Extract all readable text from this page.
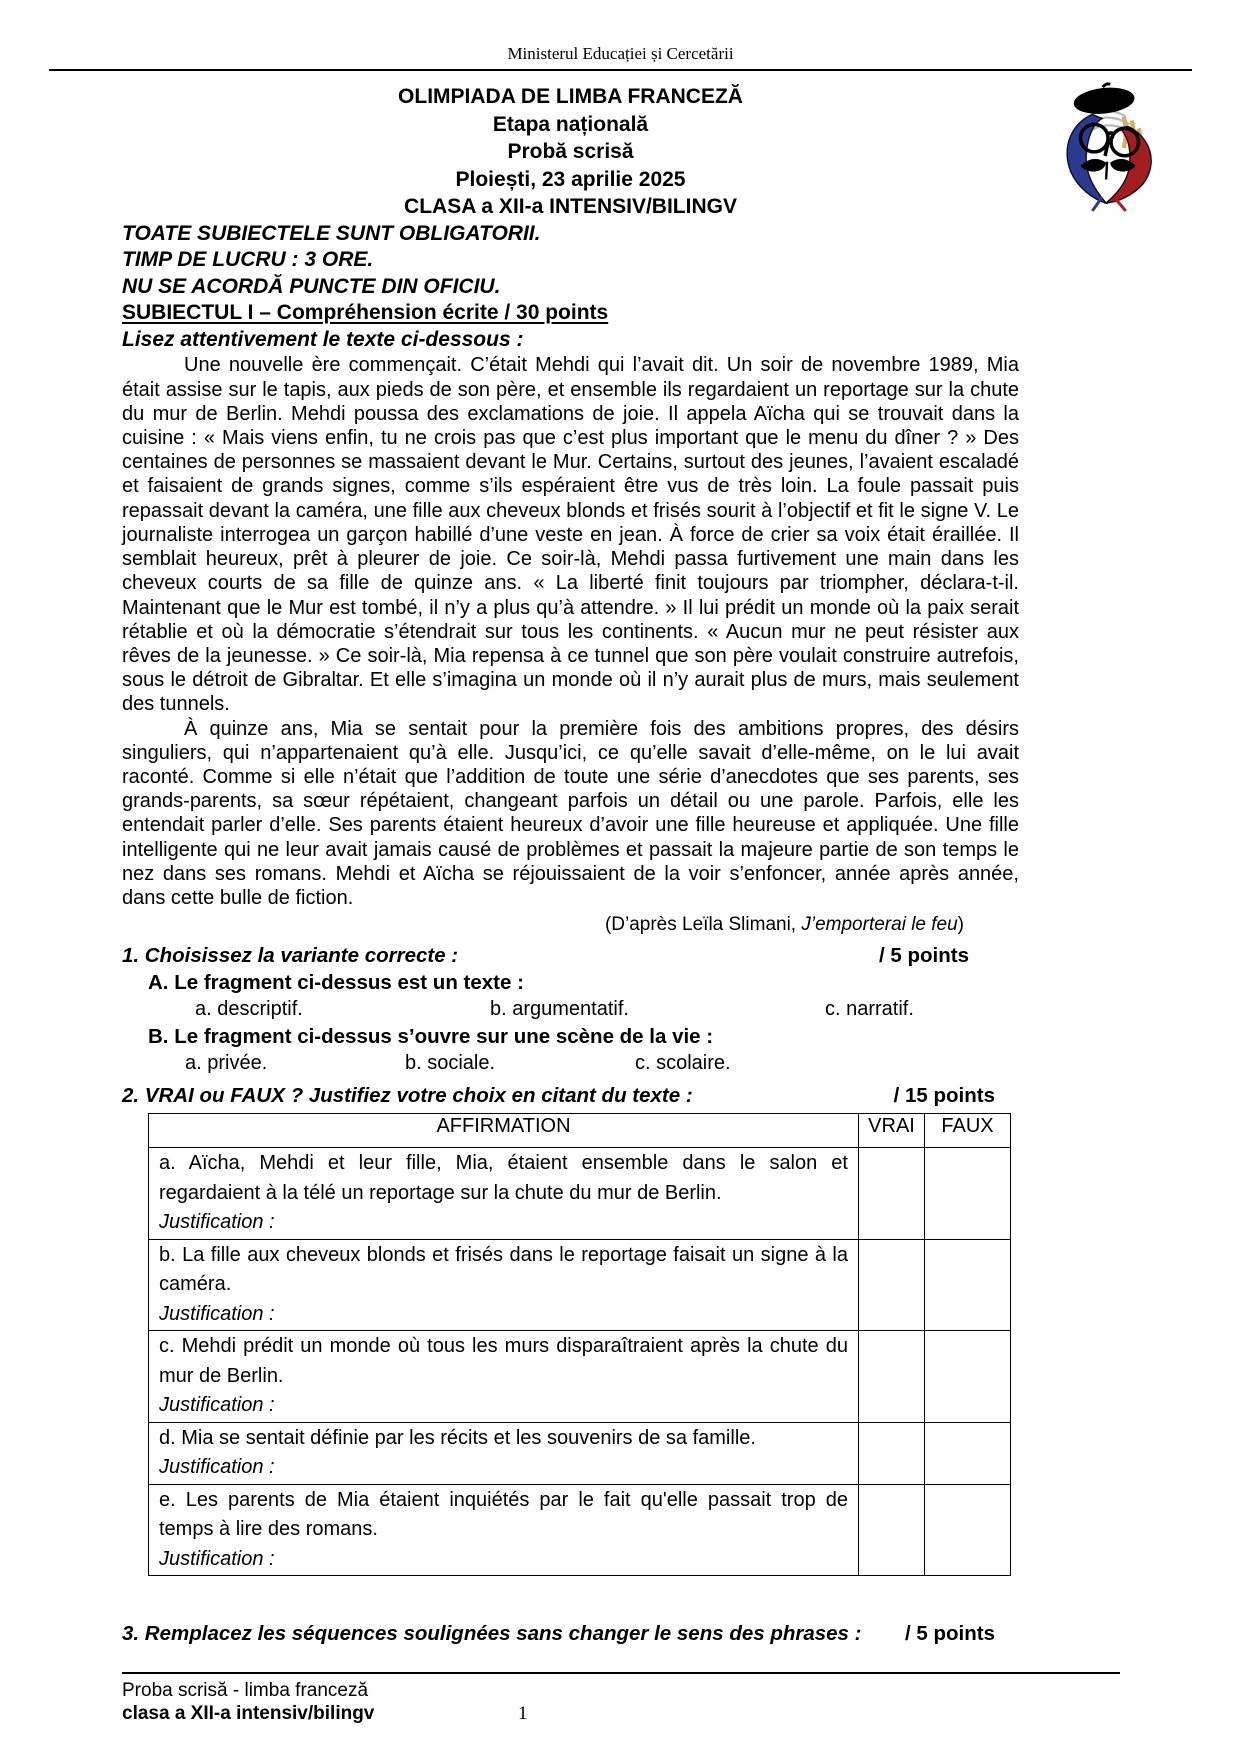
Ministerul Educației și Cercetării
OLIMPIADA DE LIMBA FRANCEZĂ
Etapa națională
Probă scrisă
Ploiești, 23 aprilie 2025
CLASA a XII-a INTENSIV/BILINGV
TOATE SUBIECTELE SUNT OBLIGATORII.
TIMP DE LUCRU : 3 ORE.
NU SE ACORDĂ PUNCTE DIN OFICIU.
SUBIECTUL I – Compréhension écrite / 30 points
Lisez attentivement le texte ci-dessous :

Une nouvelle ère commençait. C’était Mehdi qui l’avait dit. Un soir de novembre 1989, Mia était assise sur le tapis, aux pieds de son père, et ensemble ils regardaient un reportage sur la chute du mur de Berlin. Mehdi poussa des exclamations de joie. Il appela Aïcha qui se trouvait dans la cuisine : « Mais viens enfin, tu ne crois pas que c’est plus important que le menu du dîner ? » Des centaines de personnes se massaient devant le Mur. Certains, surtout des jeunes, l’avaient escaladé et faisaient de grands signes, comme s’ils espéraient être vus de très loin. La foule passait puis repassait devant la caméra, une fille aux cheveux blonds et frisés sourit à l’objectif et fit le signe V. Le journaliste interrogea un garçon habillé d’une veste en jean. À force de crier sa voix était éraillée. Il semblait heureux, prêt à pleurer de joie. Ce soir-là, Mehdi passa furtivement une main dans les cheveux courts de sa fille de quinze ans. « La liberté finit toujours par triompher, déclara-t-il. Maintenant que le Mur est tombé, il n’y a plus qu’à attendre. » Il lui prédit un monde où la paix serait rétablie et où la démocratie s’étendrait sur tous les continents. « Aucun mur ne peut résister aux rêves de la jeunesse. » Ce soir-là, Mia repensa à ce tunnel que son père voulait construire autrefois, sous le détroit de Gibraltar. Et elle s’imagina un monde où il n’y aurait plus de murs, mais seulement des tunnels.

À quinze ans, Mia se sentait pour la première fois des ambitions propres, des désirs singuliers, qui n’appartenaient qu’à elle. Jusqu’ici, ce qu’elle savait d’elle-même, on le lui avait raconté. Comme si elle n’était que l’addition de toute une série d’anecdotes que ses parents, ses grands-parents, sa sœur répétaient, changeant parfois un détail ou une parole. Parfois, elle les entendait parler d’elle. Ses parents étaient heureux d’avoir une fille heureuse et appliquée. Une fille intelligente qui ne leur avait jamais causé de problèmes et passait la majeure partie de son temps le nez dans ses romans. Mehdi et Aïcha se réjouissaient de la voir s’enfoncer, année après année, dans cette bulle de fiction.

(D’après Leïla Slimani, J’emporterai le feu)
1. Choisissez la variante correcte :	/ 5 points
A. Le fragment ci-dessus est un texte :
a. descriptif.	b. argumentatif.	c. narratif.
B. Le fragment ci-dessus s’ouvre sur une scène de la vie :
a. privée.	b. sociale.	c. scolaire.
2. VRAI ou FAUX ? Justifiez votre choix en citant du texte :	/ 15 points
AFFIRMATION	VRAI	FAUX

a. Aïcha, Mehdi et leur fille, Mia, étaient ensemble dans le salon et regardaient à la télé un reportage sur la chute du mur de Berlin.
Justification :		

b. La fille aux cheveux blonds et frisés dans le reportage faisait un signe à la caméra.
Justification :		

c. Mehdi prédit un monde où tous les murs disparaîtraient après la chute du mur de Berlin.
Justification :		

d. Mia se sentait définie par les récits et les souvenirs de sa famille.
Justification :		

e. Les parents de Mia étaient inquiétés par le fait qu'elle passait trop de temps à lire des romans.
Justification :		

3. Remplacez les séquences soulignées sans changer le sens des phrases : / 5 points
Proba scrisă - limba franceză
clasa a XII-a intensiv/bilingv	1
